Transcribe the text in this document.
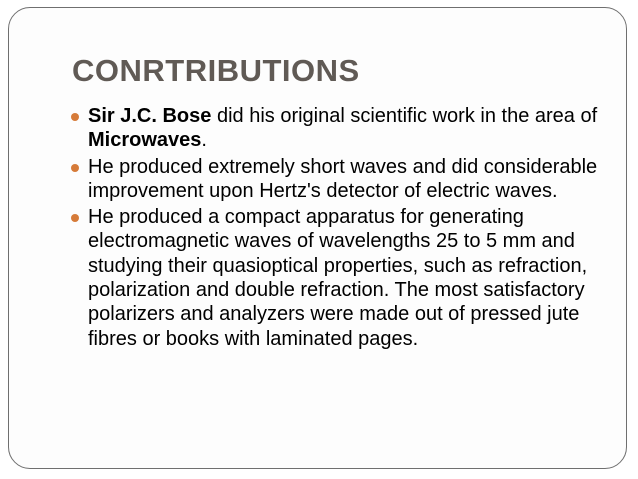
CONRTRIBUTIONS
Sir J.C. Bose did his original scientific work in the area of Microwaves.
He produced extremely short waves and did considerable improvement upon Hertz's detector of electric waves.
He produced a compact apparatus for generating electromagnetic waves of wavelengths 25 to 5 mm and studying their quasioptical properties, such as refraction, polarization and double refraction. The most satisfactory polarizers and analyzers were made out of pressed jute fibres or books with laminated pages.
